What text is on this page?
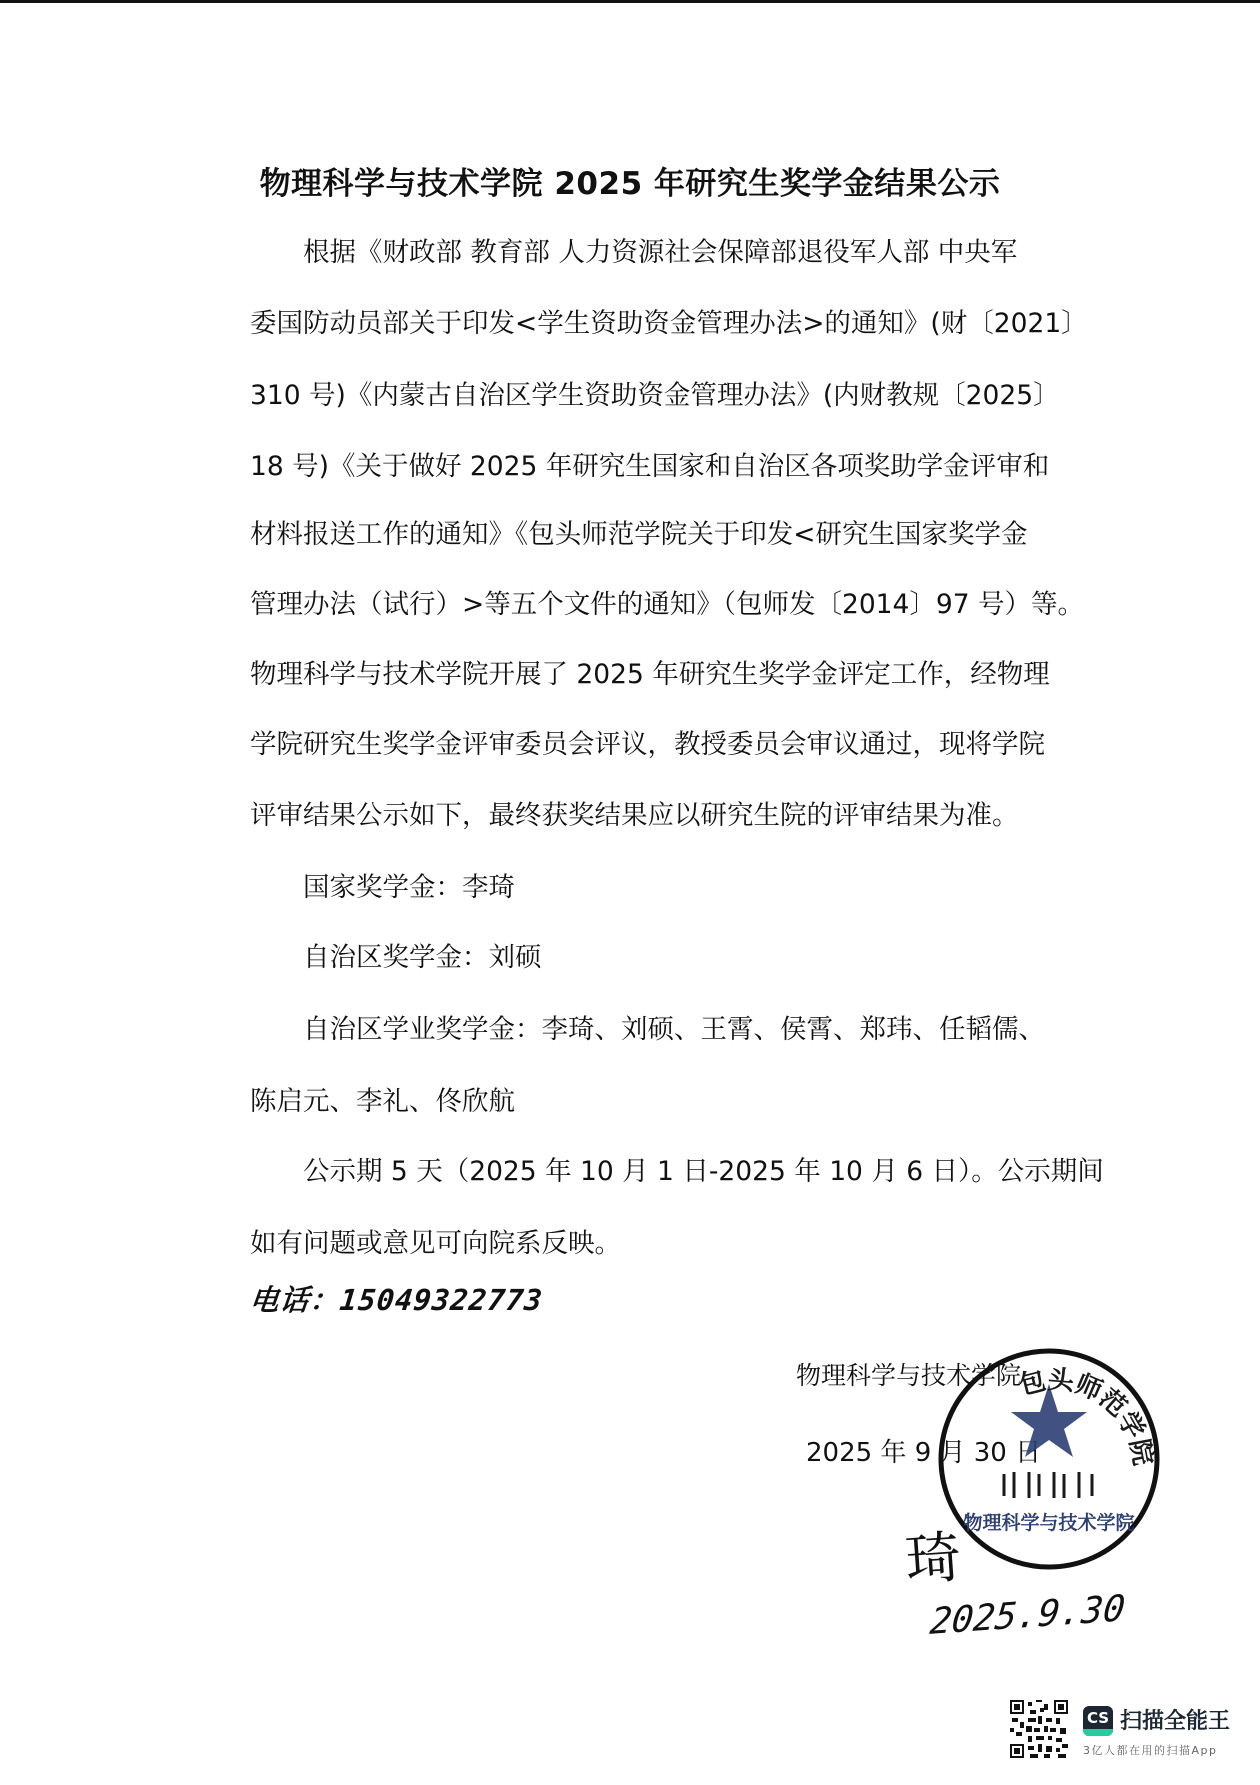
物理科学与技术学院 2025 年研究生奖学金结果公示
根据《财政部 教育部 人力资源社会保障部退役军人部 中央军
委国防动员部关于印发<学生资助资金管理办法>的通知》(财〔2021〕
310 号)《内蒙古自治区学生资助资金管理办法》(内财教规〔2025〕
18 号)《关于做好 2025 年研究生国家和自治区各项奖助学金评审和
材料报送工作的通知》《包头师范学院关于印发<研究生国家奖学金
管理办法（试行）>等五个文件的通知》（包师发〔2014〕97 号）等。
物理科学与技术学院开展了 2025 年研究生奖学金评定工作，经物理
学院研究生奖学金评审委员会评议，教授委员会审议通过，现将学院
评审结果公示如下，最终获奖结果应以研究生院的评审结果为准。
国家奖学金：李琦
自治区奖学金：刘硕
自治区学业奖学金：李琦、刘硕、王霄、侯霄、郑玮、任韬儒、
陈启元、李礼、佟欣航
公示期 5 天（2025 年 10 月 1 日-2025 年 10 月 6 日）。公示期间
如有问题或意见可向院系反映。
电话：15049322773
物理科学与技术学院
2025 年 9 月 30 日
包头师范学院
物理科学与技术学院
琦
2025.9.30
CS 扫描全能王
3亿人都在用的扫描App
